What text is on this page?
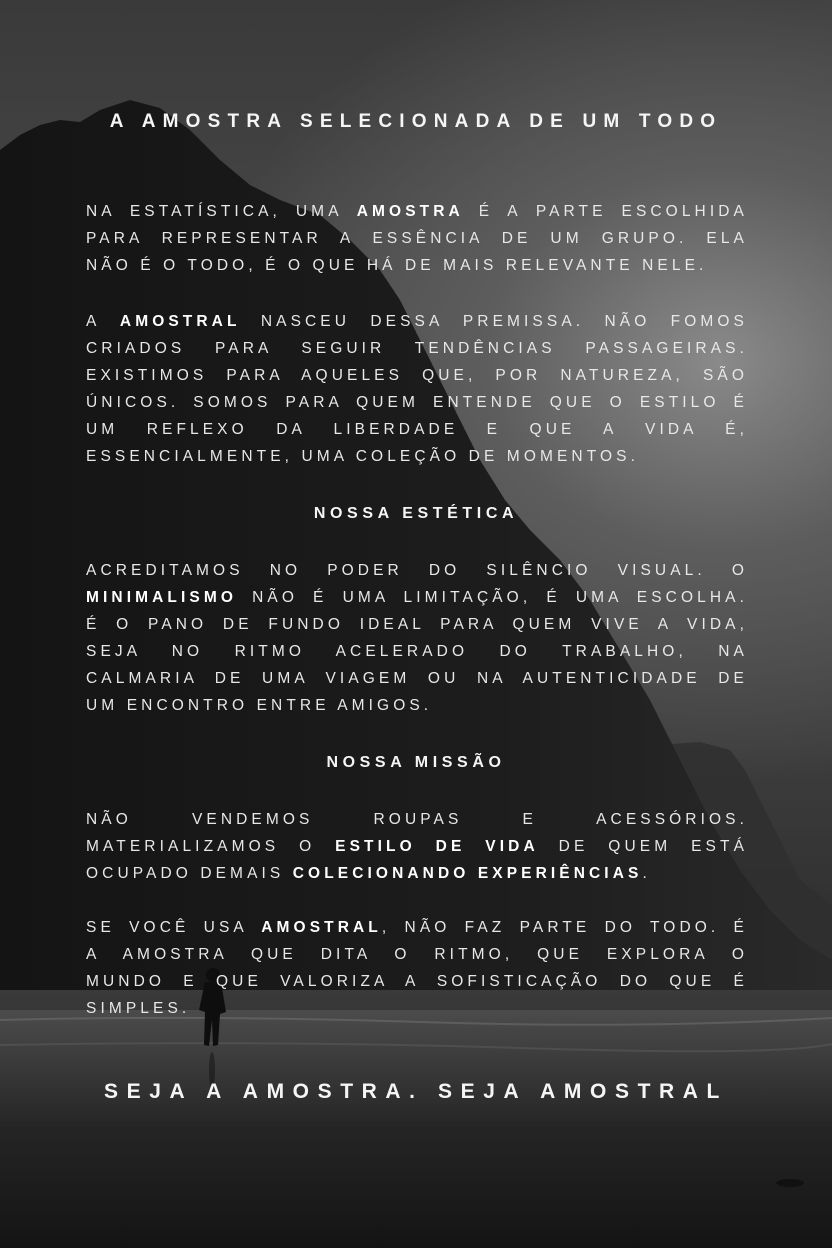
A AMOSTRA SELECIONADA DE UM TODO

NA ESTATÍSTICA, UMA AMOSTRA É A PARTE ESCOLHIDA
PARA REPRESENTAR A ESSÊNCIA DE UM GRUPO. ELA
NÃO É O TODO, É O QUE HÁ DE MAIS RELEVANTE NELE.

A AMOSTRAL NASCEU DESSA PREMISSA. NÃO FOMOS
CRIADOS PARA SEGUIR TENDÊNCIAS PASSAGEIRAS.
EXISTIMOS PARA AQUELES QUE, POR NATUREZA, SÃO
ÚNICOS. SOMOS PARA QUEM ENTENDE QUE O ESTILO É
UM REFLEXO DA LIBERDADE E QUE A VIDA É,
ESSENCIALMENTE, UMA COLEÇÃO DE MOMENTOS.

NOSSA ESTÉTICA

ACREDITAMOS NO PODER DO SILÊNCIO VISUAL. O
MINIMALISMO NÃO É UMA LIMITAÇÃO, É UMA ESCOLHA.
É O PANO DE FUNDO IDEAL PARA QUEM VIVE A VIDA,
SEJA NO RITMO ACELERADO DO TRABALHO, NA
CALMARIA DE UMA VIAGEM OU NA AUTENTICIDADE DE
UM ENCONTRO ENTRE AMIGOS.

NOSSA MISSÃO

NÃO VENDEMOS ROUPAS E ACESSÓRIOS.
MATERIALIZAMOS O ESTILO DE VIDA DE QUEM ESTÁ
OCUPADO DEMAIS COLECIONANDO EXPERIÊNCIAS.

SE VOCÊ USA AMOSTRAL, NÃO FAZ PARTE DO TODO. É
A AMOSTRA QUE DITA O RITMO, QUE EXPLORA O
MUNDO E QUE VALORIZA A SOFISTICAÇÃO DO QUE É
SIMPLES.

SEJA A AMOSTRA. SEJA AMOSTRAL
